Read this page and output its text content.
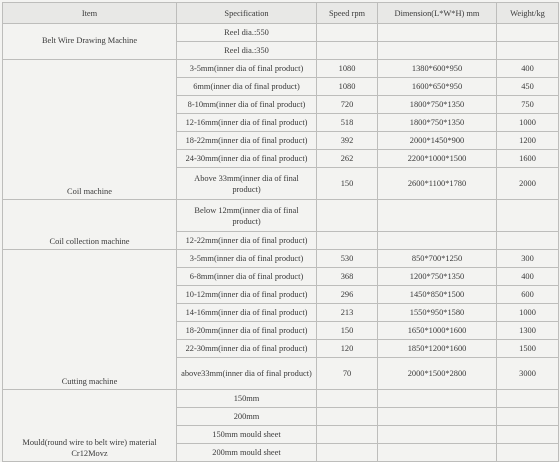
Item	Specification	Speed rpm	Dimension(L*W*H) mm	Weight/kg
Belt Wire Drawing Machine	Reel dia.:550			
	Reel dia.:350			
Coil machine	3-5mm(inner dia of final product)	1080	1380*600*950	400
	6mm(inner dia of final product)	1080	1600*650*950	450
	8-10mm(inner dia of final product)	720	1800*750*1350	750
	12-16mm(inner dia of final product)	518	1800*750*1350	1000
	18-22mm(inner dia of final product)	392	2000*1450*900	1200
	24-30mm(inner dia of final product)	262	2200*1000*1500	1600
	Above 33mm(inner dia of final product)	150	2600*1100*1780	2000
Coil collection machine	Below 12mm(inner dia of final product)			
	12-22mm(inner dia of final product)			
Cutting machine	3-5mm(inner dia of final product)	530	850*700*1250	300
	6-8mm(inner dia of final product)	368	1200*750*1350	400
	10-12mm(inner dia of final product)	296	1450*850*1500	600
	14-16mm(inner dia of final product)	213	1550*950*1580	1000
	18-20mm(inner dia of final product)	150	1650*1000*1600	1300
	22-30mm(inner dia of final product)	120	1850*1200*1600	1500
	above33mm(inner dia of final product)	70	2000*1500*2800	3000
Mould(round wire to belt wire) material Cr12Movz	150mm			
	200mm			
	150mm mould sheet			
	200mm mould sheet			
